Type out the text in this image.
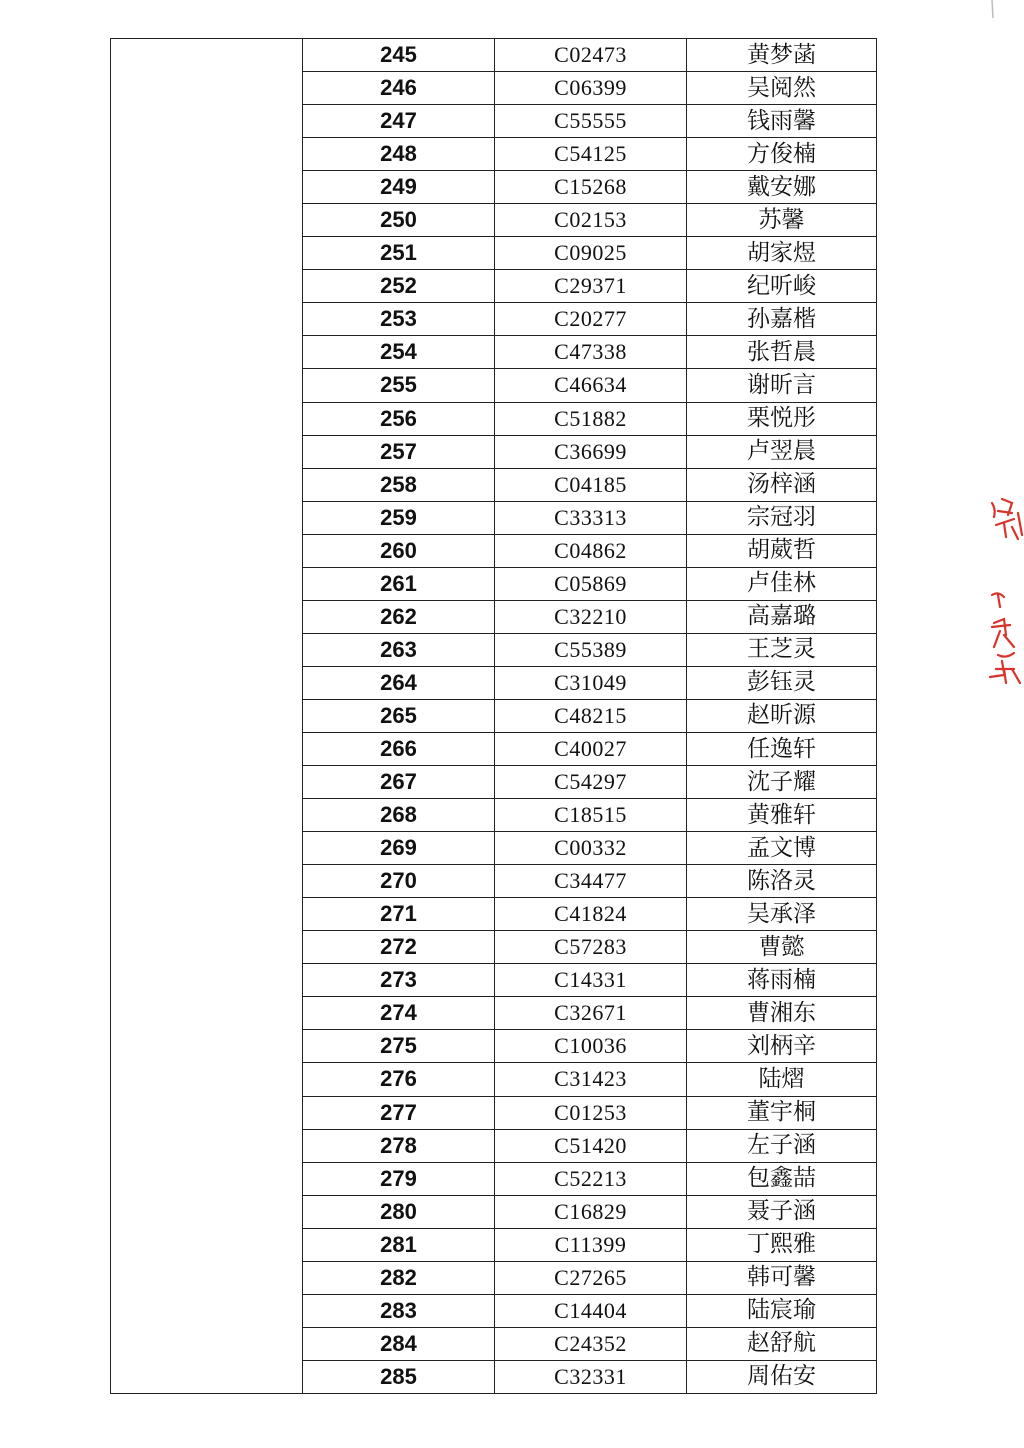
245	C02473	黄梦菡
246	C06399	吴阅然
247	C55555	钱雨馨
248	C54125	方俊楠
249	C15268	戴安娜
250	C02153	苏馨
251	C09025	胡家煜
252	C29371	纪听峻
253	C20277	孙嘉楷
254	C47338	张哲晨
255	C46634	谢昕言
256	C51882	栗悦彤
257	C36699	卢翌晨
258	C04185	汤梓涵
259	C33313	宗冠羽
260	C04862	胡葳哲
261	C05869	卢佳林
262	C32210	高嘉璐
263	C55389	王芝灵
264	C31049	彭钰灵
265	C48215	赵昕源
266	C40027	任逸轩
267	C54297	沈子耀
268	C18515	黄雅轩
269	C00332	孟文博
270	C34477	陈洛灵
271	C41824	吴承泽
272	C57283	曹懿
273	C14331	蒋雨楠
274	C32671	曹湘东
275	C10036	刘柄辛
276	C31423	陆熠
277	C01253	董宇桐
278	C51420	左子涵
279	C52213	包鑫喆
280	C16829	聂子涵
281	C11399	丁熙雅
282	C27265	韩可馨
283	C14404	陆宸瑜
284	C24352	赵舒航
285	C32331	周佑安
